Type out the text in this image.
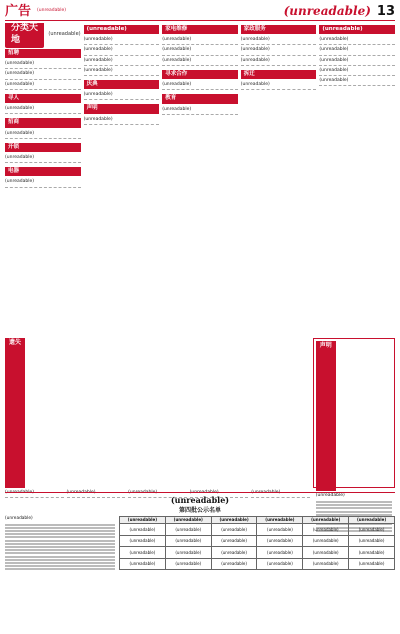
广告 (unreadable)	(unreadable) 13
分类天地
(unreadable)
招聘
(unreadable)
(unreadable)
(unreadable)
寻人
(unreadable)
招商
(unreadable)
开锁
(unreadable)
电器
(unreadable)
(unreadable)
(unreadable)
(unreadable)
(unreadable)
(unreadable)
庆典
(unreadable)
声明
(unreadable)
家电维修
(unreadable)
(unreadable)
(unreadable)
寻求合作
(unreadable)
教育
(unreadable)
家政服务
(unreadable)
(unreadable)
(unreadable)
拆迁
(unreadable)
(unreadable)
(unreadable)
(unreadable)
(unreadable)
(unreadable)
(unreadable)
遗失
(unreadable)	(unreadable)	(unreadable)	(unreadable)	(unreadable)
声明
(unreadable)
(unreadable)
第四批公示名单
(unreadable)	(unreadable)	(unreadable)	(unreadable)	(unreadable)	(unreadable)	(unreadable)
(unreadable)	(unreadable)	(unreadable)	(unreadable)	(unreadable)	(unreadable)
(unreadable)	(unreadable)	(unreadable)	(unreadable)	(unreadable)	(unreadable)
(unreadable)	(unreadable)	(unreadable)	(unreadable)	(unreadable)	(unreadable)
(unreadable)	(unreadable)	(unreadable)	(unreadable)	(unreadable)	(unreadable)
